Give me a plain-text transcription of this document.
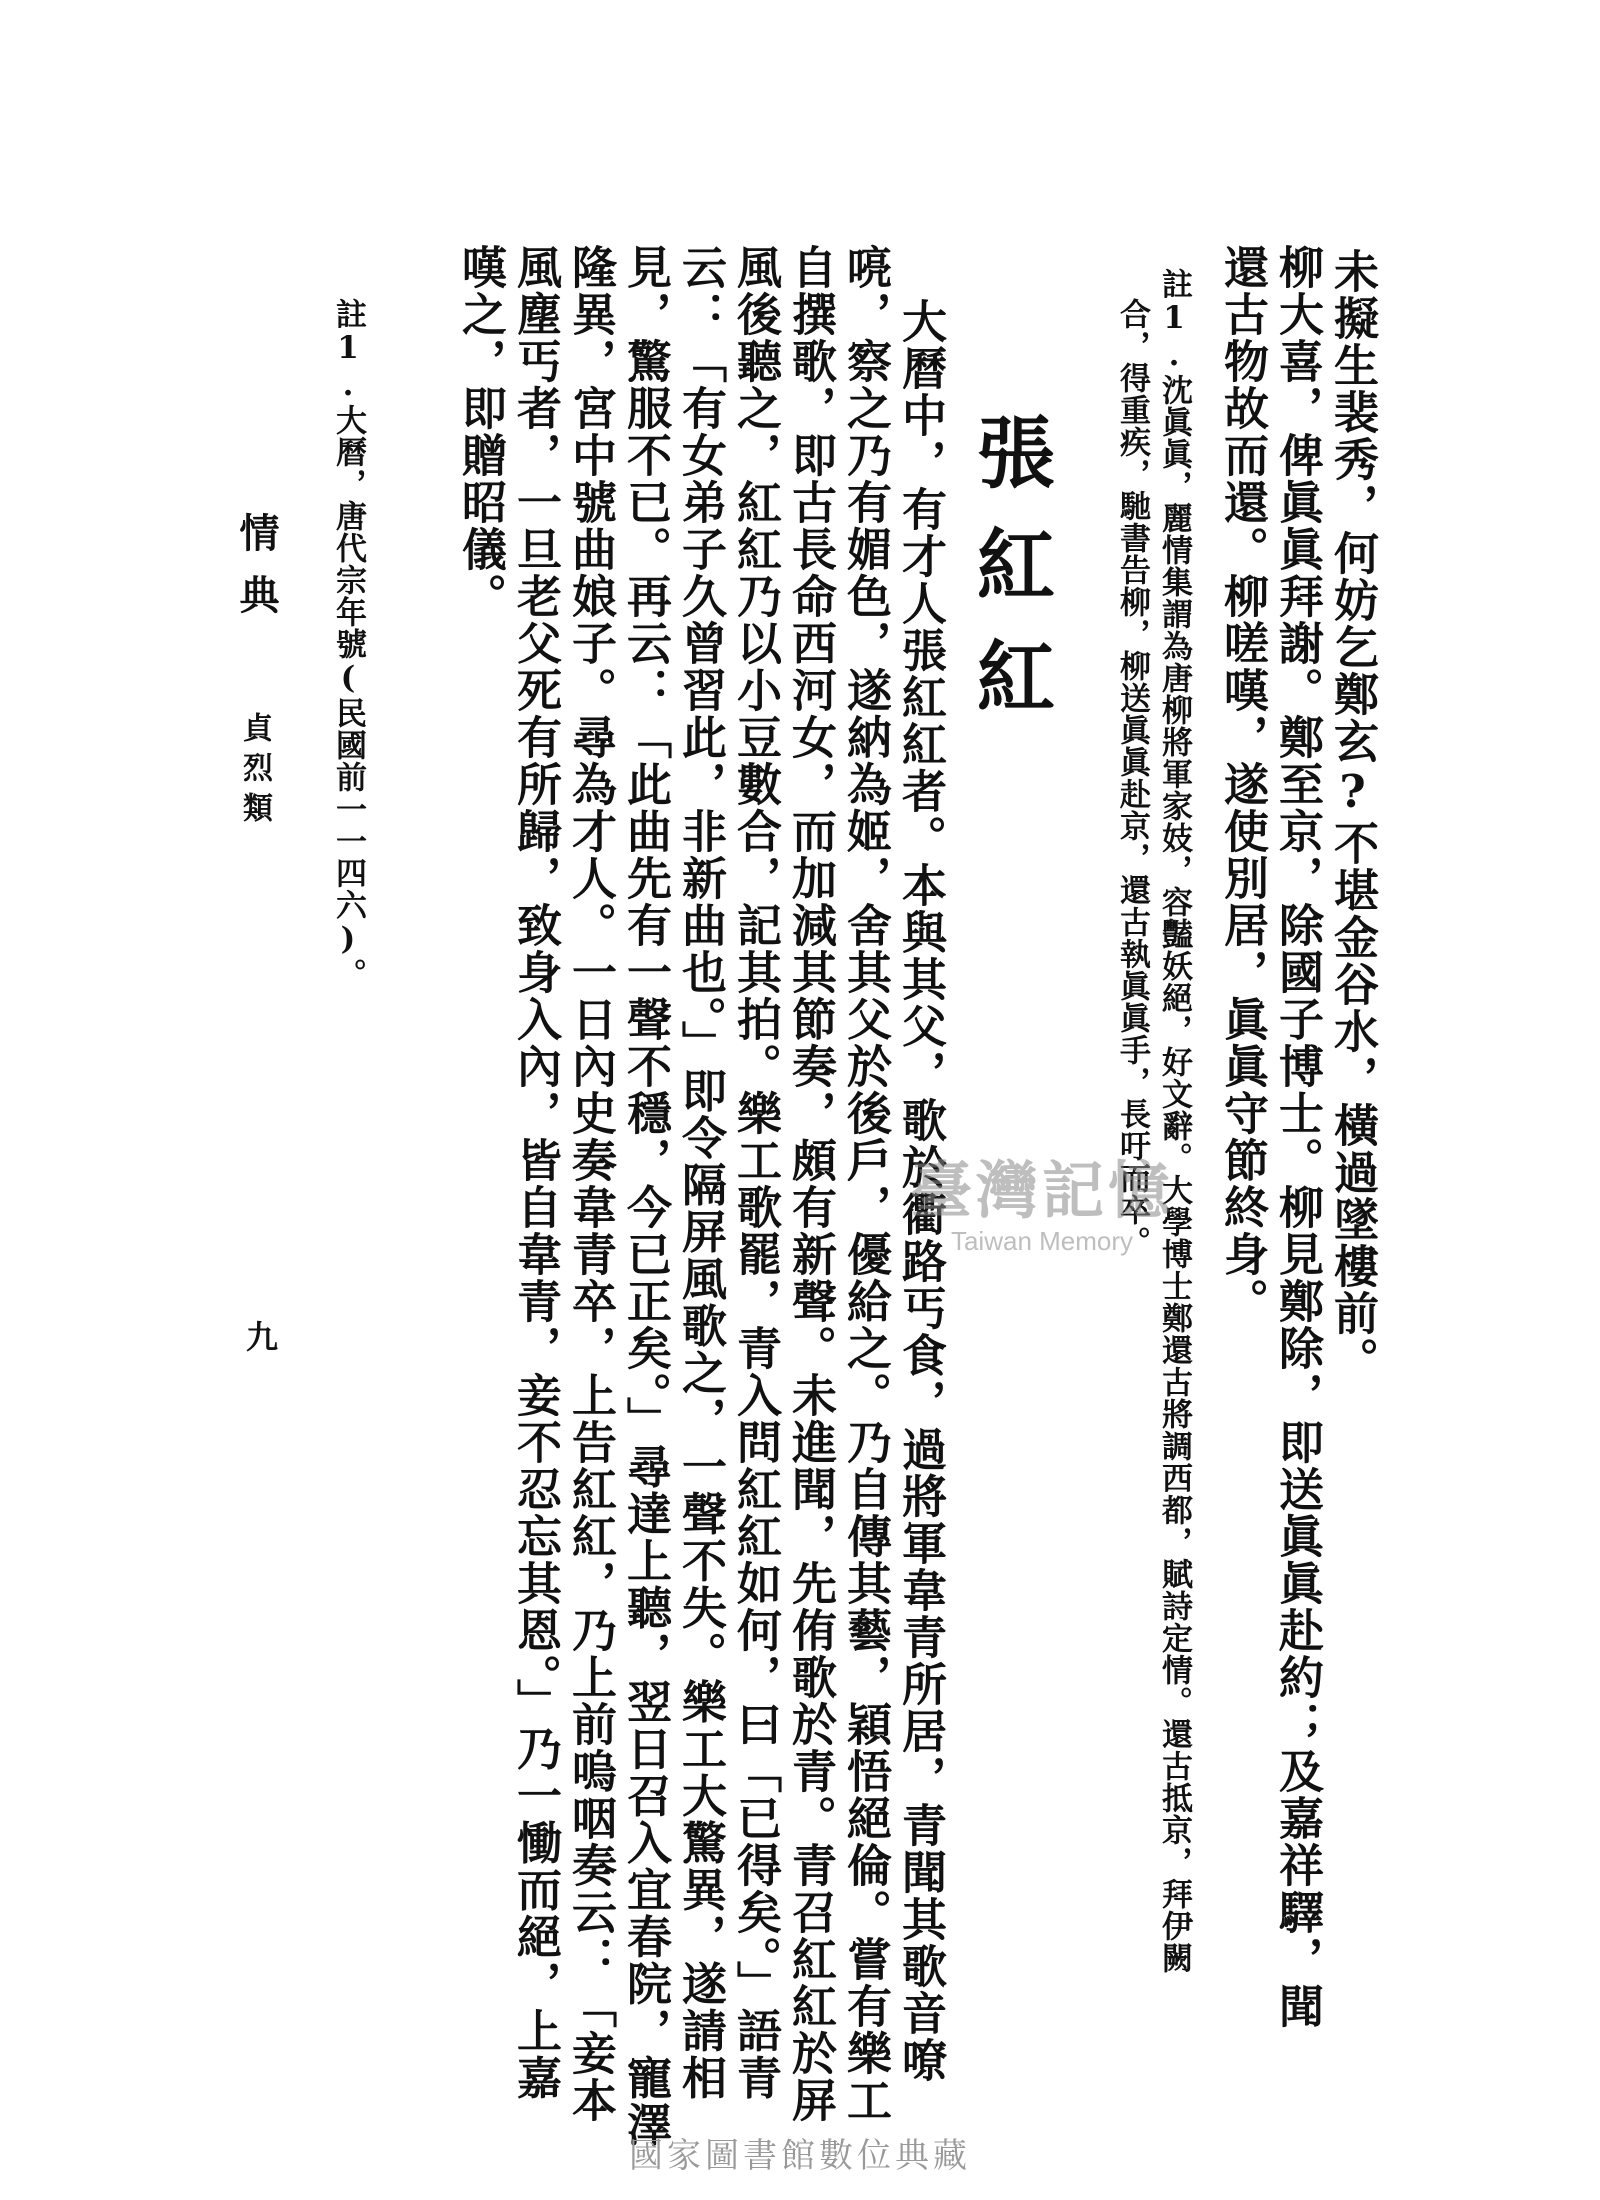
未擬生裴秀，何妨乞鄭玄?不堪金谷水，橫過墜樓前。
柳大喜，俾眞眞拜謝。鄭至京，除國子博士。柳見鄭除，即送眞眞赴約；及嘉祥驛，聞
還古物故而還。柳嗟嘆，遂使別居，眞眞守節終身。
註1.沈眞眞，麗情集謂為唐柳將軍家妓，容豔妖絕，好文辭。大學博士鄭還古將調西都，賦詩定情。還古抵京，拜伊闕
合，得重疾，馳書告柳，柳送眞眞赴京，還古執眞眞手，長吁而卒。
張紅紅
大曆中，有才人張紅紅者。本與其父，歌於衢路丐食，過將軍韋青所居，青聞其歌音嘹
喨，察之乃有媚色，遂納為姬，舍其父於後戶，優給之。乃自傳其藝，穎悟絕倫。嘗有樂工
自撰歌，即古長命西河女，而加減其節奏，頗有新聲。未進聞，先侑歌於青。青召紅紅於屏
風後聽之，紅紅乃以小豆數合，記其拍。樂工歌罷，青入問紅紅如何，曰「已得矣。」語青
云：「有女弟子久曾習此，非新曲也。」即令隔屏風歌之，一聲不失。樂工大驚異，遂請相
見，驚服不已。再云：「此曲先有一聲不穩，今已正矣。」尋達上聽，翌日召入宜春院，寵澤
隆異，宮中號曲娘子。尋為才人。一日內史奏韋青卒，上告紅紅，乃上前嗚咽奏云：「妾本
風塵丐者，一旦老父死有所歸，致身入內，皆自韋青，妾不忍忘其恩。」乃一慟而絕，上嘉
嘆之，即贈昭儀。
註1.大曆，唐代宗年號(民國前一一四六)。
情典
貞烈類
九
臺灣記憶
Taiwan Memory
國家圖書館數位典藏
